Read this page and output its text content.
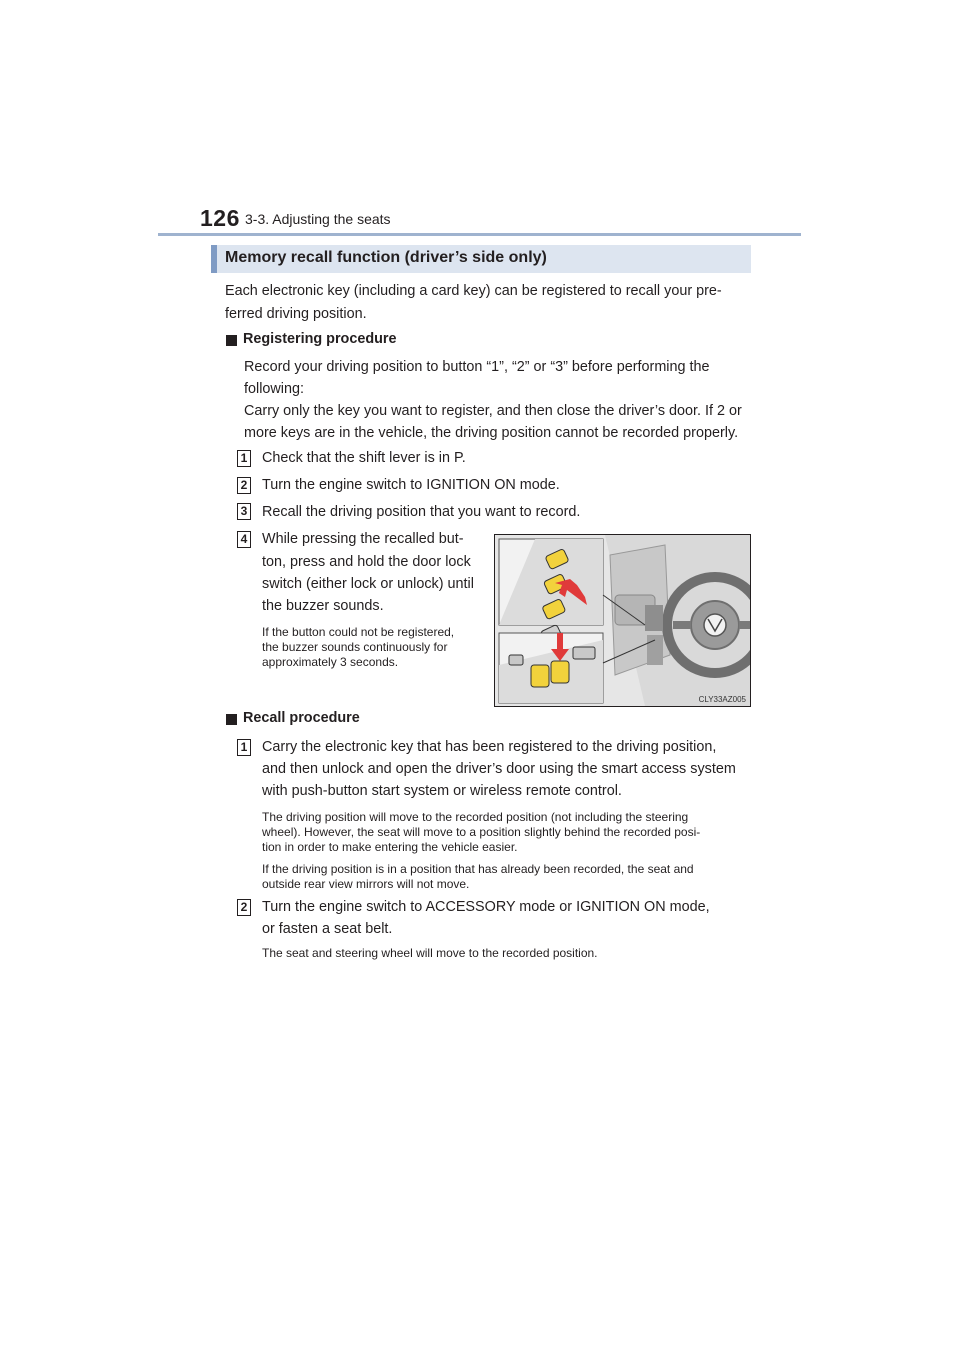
126 3-3. Adjusting the seats
Memory recall function (driver’s side only)
Each electronic key (including a card key) can be registered to recall your pre-
ferred driving position.
Registering procedure
Record your driving position to button “1”, “2” or “3” before performing the
following:
Carry only the key you want to register, and then close the driver’s door. If 2 or
more keys are in the vehicle, the driving position cannot be recorded properly.
1 Check that the shift lever is in P.
2 Turn the engine switch to IGNITION ON mode.
3 Recall the driving position that you want to record.
4 While pressing the recalled but-
ton, press and hold the door lock
switch (either lock or unlock) until
the buzzer sounds.
If the button could not be registered,
the buzzer sounds continuously for
approximately 3 seconds.
CLY33AZ005
Recall procedure
1 Carry the electronic key that has been registered to the driving position,
and then unlock and open the driver’s door using the smart access system
with push-button start system or wireless remote control.
The driving position will move to the recorded position (not including the steering
wheel). However, the seat will move to a position slightly behind the recorded posi-
tion in order to make entering the vehicle easier.
If the driving position is in a position that has already been recorded, the seat and
outside rear view mirrors will not move.
2 Turn the engine switch to ACCESSORY mode or IGNITION ON mode,
or fasten a seat belt.
The seat and steering wheel will move to the recorded position.
